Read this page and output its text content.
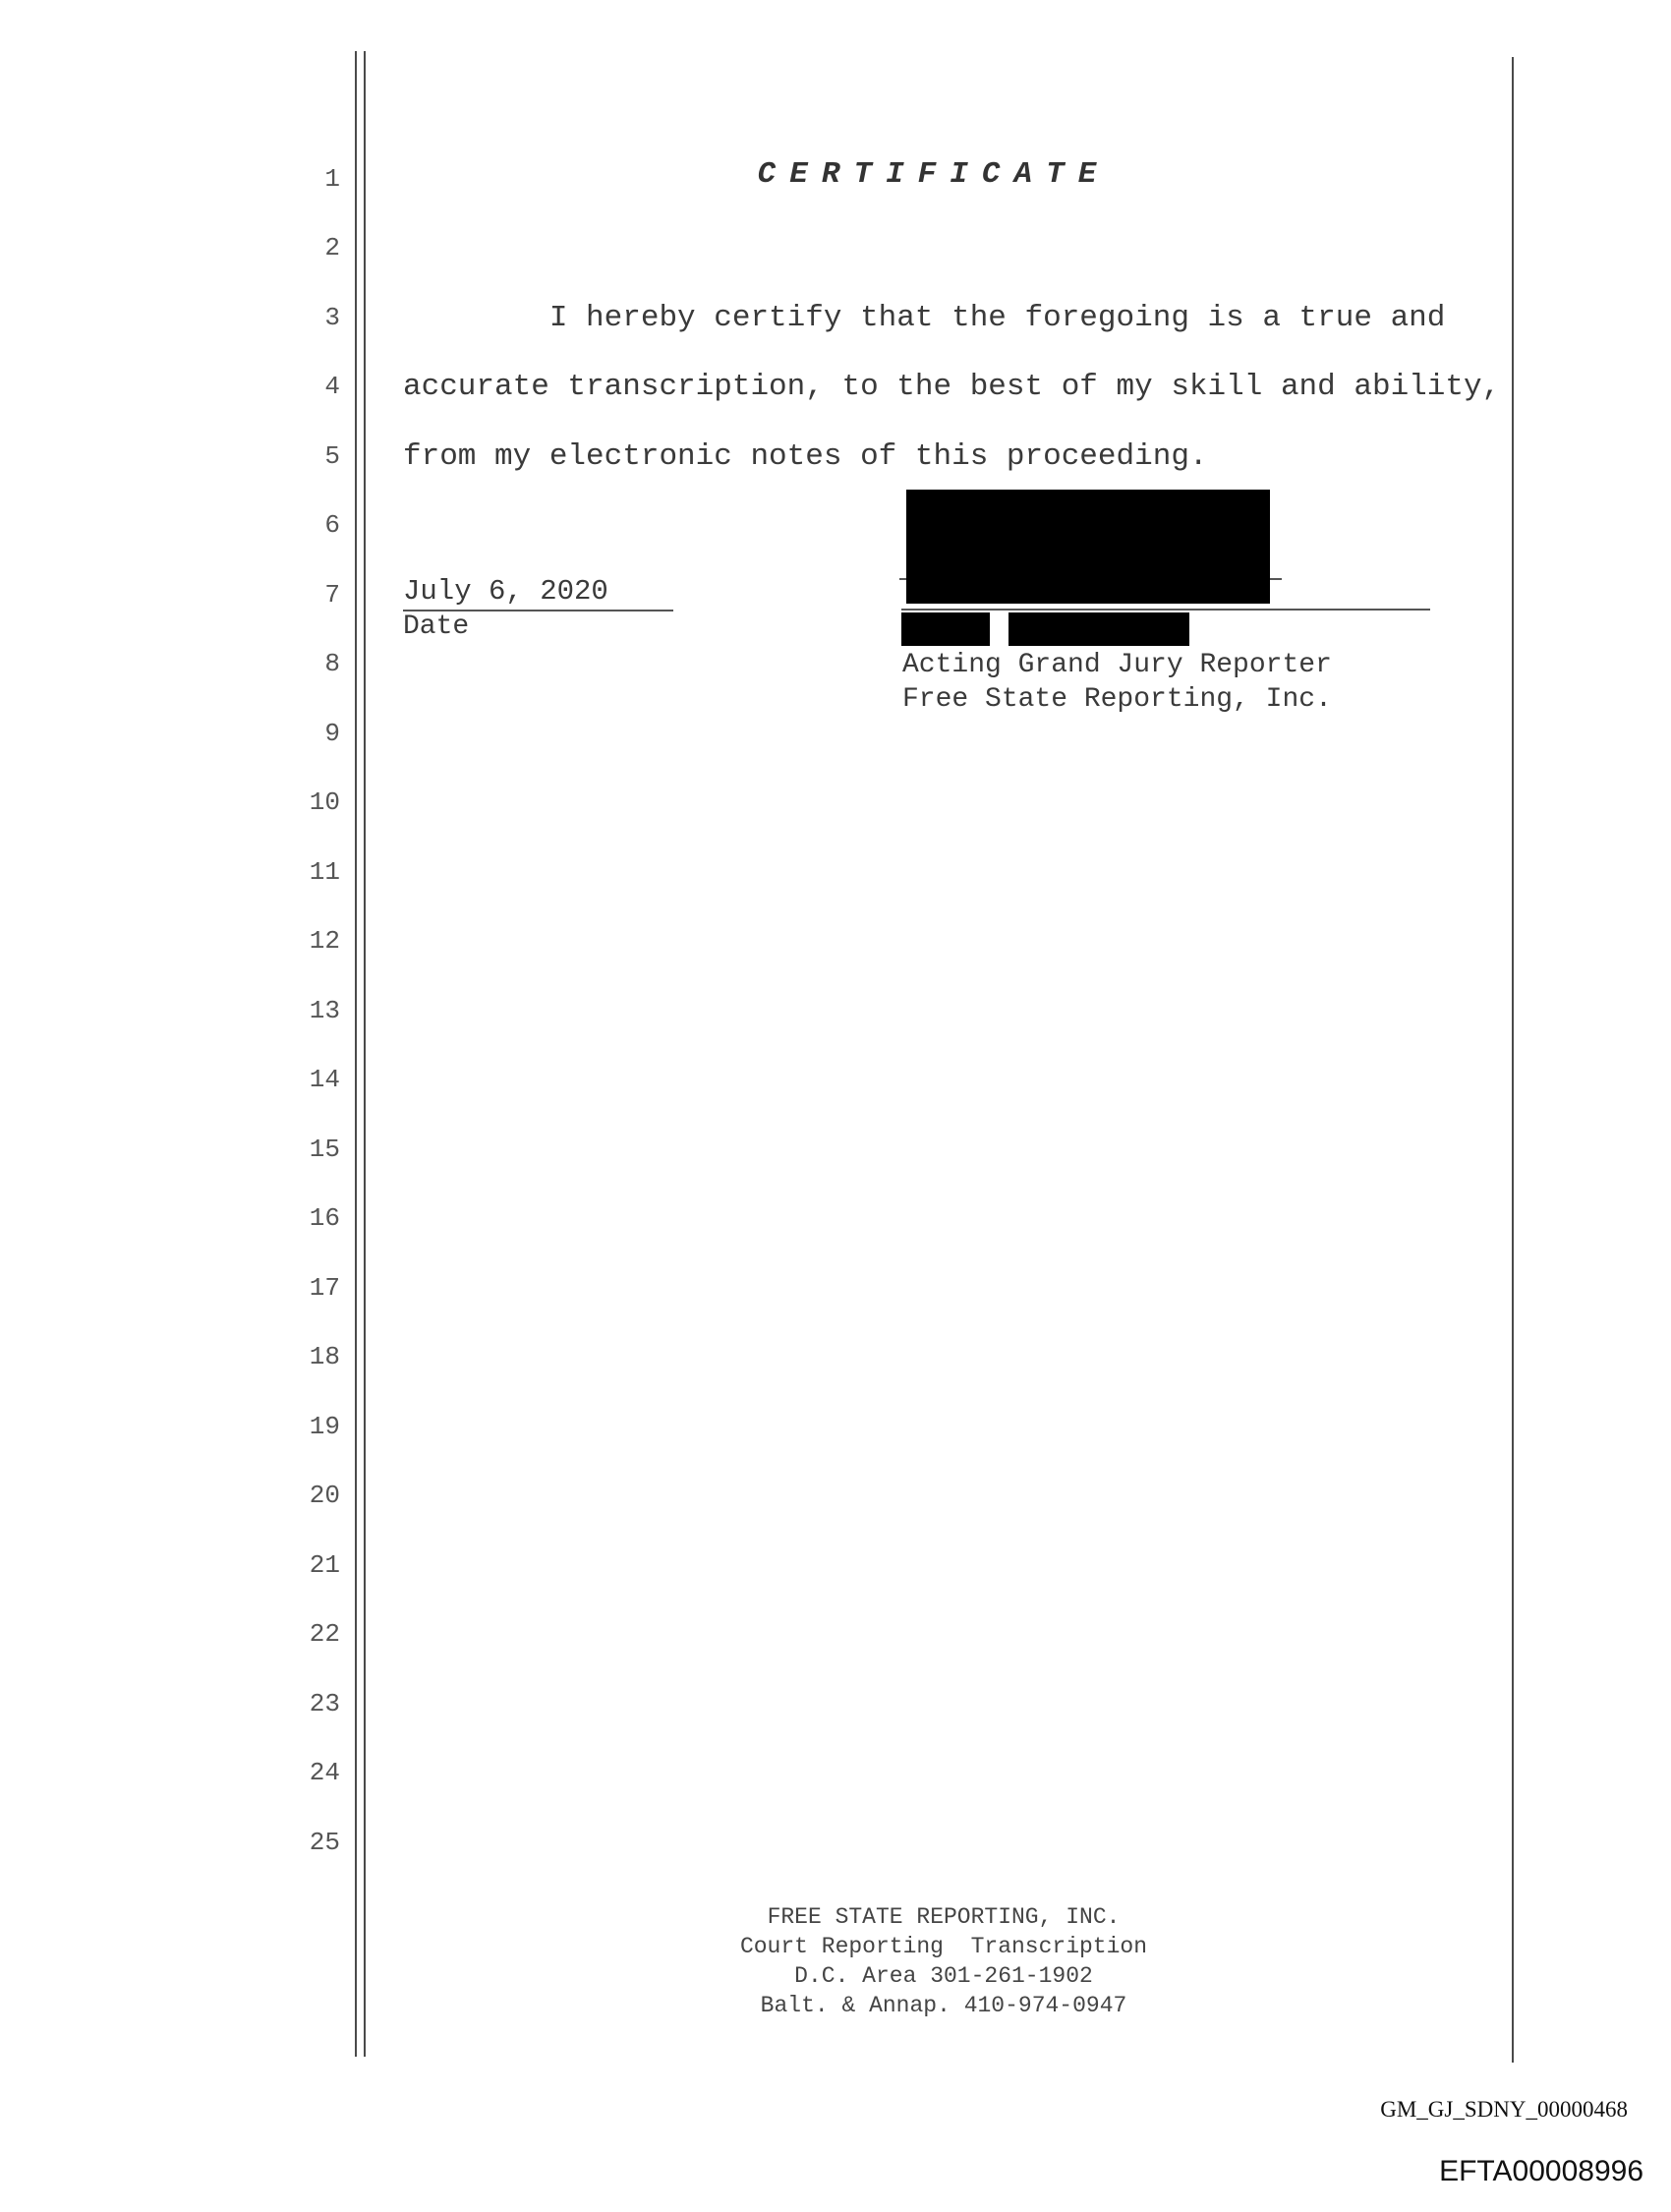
1
2
3
4
5
6
7
8
9
10
11
12
13
14
15
16
17
18
19
20
21
22
23
24
25
CERTIFICATE
I hereby certify that the foregoing is a true and
accurate transcription, to the best of my skill and ability,
from my electronic notes of this proceeding.
July 6, 2020
Date
Acting Grand Jury Reporter
Free State Reporting, Inc.
FREE STATE REPORTING, INC.
Court Reporting  Transcription
D.C. Area 301-261-1902
Balt. & Annap. 410-974-0947
GM_GJ_SDNY_00000468
EFTA00008996
